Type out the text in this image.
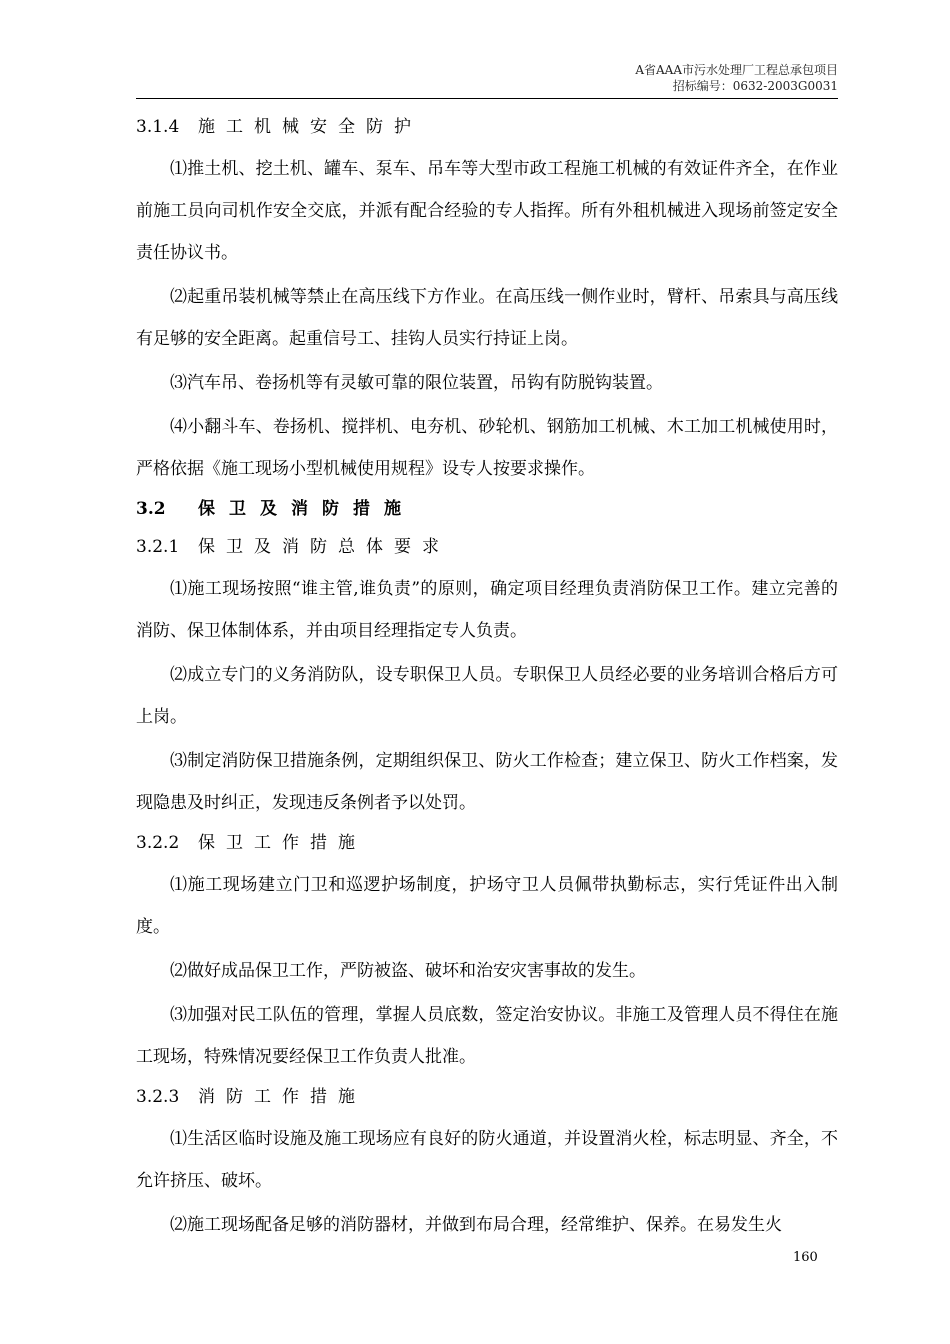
A省AAA市污水处理厂工程总承包项目
招标编号：0632-2003G0031
3.1.4 施工机械安全防护

⑴推土机、挖土机、罐车、泵车、吊车等大型市政工程施工机械的有效证件齐全，在作业前施工员向司机作安全交底，并派有配合经验的专人指挥。所有外租机械进入现场前签定安全责任协议书。

⑵起重吊装机械等禁止在高压线下方作业。在高压线一侧作业时，臂杆、吊索具与高压线有足够的安全距离。起重信号工、挂钩人员实行持证上岗。

⑶汽车吊、卷扬机等有灵敏可靠的限位装置，吊钩有防脱钩装置。

⑷小翻斗车、卷扬机、搅拌机、电夯机、砂轮机、钢筋加工机械、木工加工机械使用时，严格依据《施工现场小型机械使用规程》设专人按要求操作。

3.2 保卫及消防措施
3.2.1 保卫及消防总体要求

⑴施工现场按照“谁主管,谁负责”的原则，确定项目经理负责消防保卫工作。建立完善的消防、保卫体制体系，并由项目经理指定专人负责。

⑵成立专门的义务消防队，设专职保卫人员。专职保卫人员经必要的业务培训合格后方可上岗。

⑶制定消防保卫措施条例，定期组织保卫、防火工作检查；建立保卫、防火工作档案，发现隐患及时纠正，发现违反条例者予以处罚。

3.2.2 保卫工作措施

⑴施工现场建立门卫和巡逻护场制度，护场守卫人员佩带执勤标志，实行凭证件出入制度。

⑵做好成品保卫工作，严防被盗、破坏和治安灾害事故的发生。

⑶加强对民工队伍的管理，掌握人员底数，签定治安协议。非施工及管理人员不得住在施工现场，特殊情况要经保卫工作负责人批准。

3.2.3 消防工作措施

⑴生活区临时设施及施工现场应有良好的防火通道，并设置消火栓，标志明显、齐全，不允许挤压、破坏。

⑵施工现场配备足够的消防器材，并做到布局合理，经常维护、保养。在易发生火

160
